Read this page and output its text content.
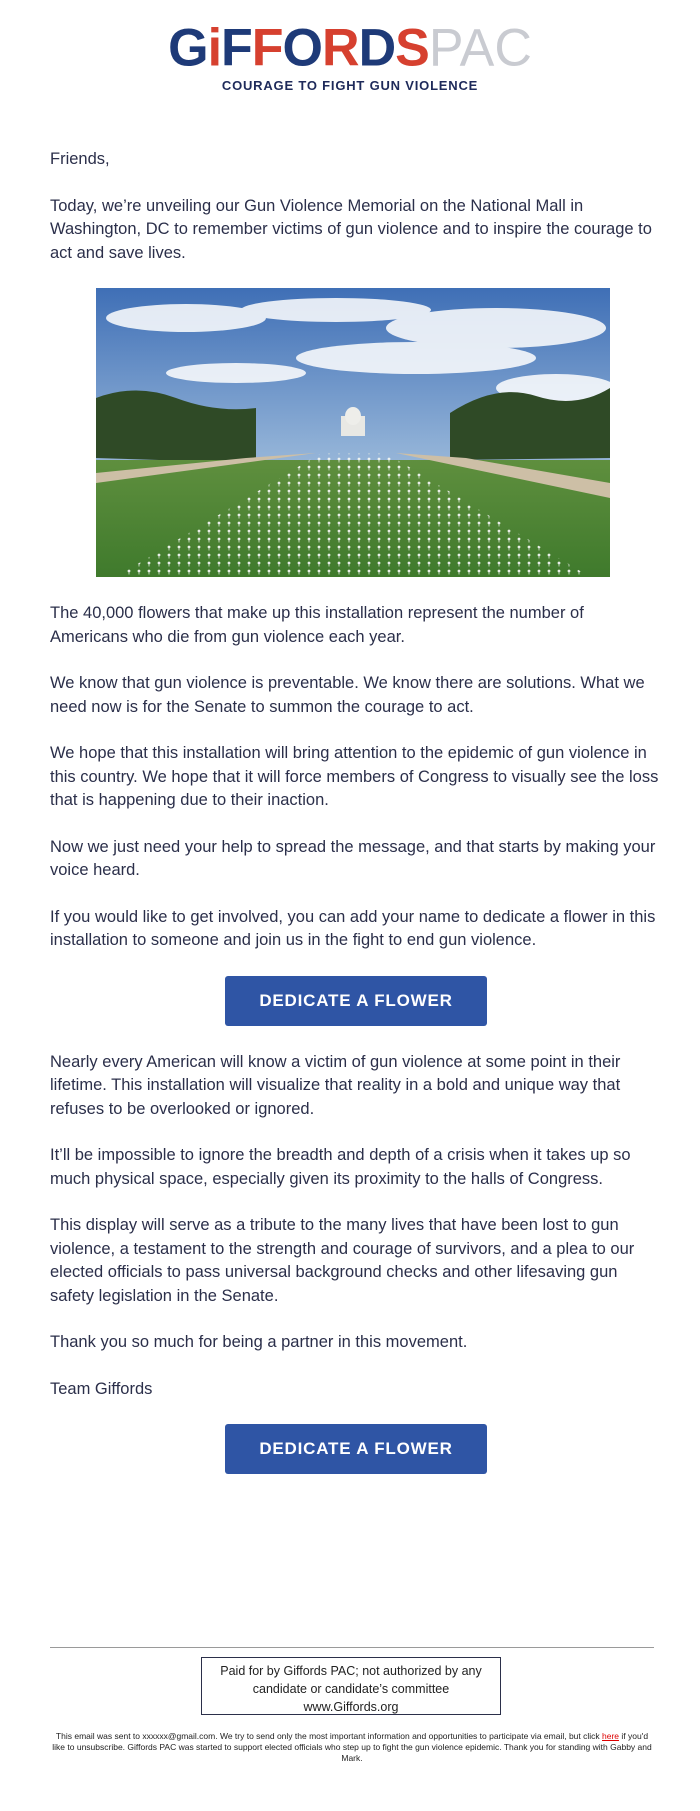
GiFFORDSPAC
COURAGE TO FIGHT GUN VIOLENCE

Friends,

Today, we’re unveiling our Gun Violence Memorial on the National Mall in Washington, DC to remember victims of gun violence and to inspire the courage to act and save lives.

The 40,000 flowers that make up this installation represent the number of Americans who die from gun violence each year.

We know that gun violence is preventable. We know there are solutions. What we need now is for the Senate to summon the courage to act.

We hope that this installation will bring attention to the epidemic of gun violence in this country. We hope that it will force members of Congress to visually see the loss that is happening due to their inaction.

Now we just need your help to spread the message, and that starts by making your voice heard.

If you would like to get involved, you can add your name to dedicate a flower in this installation to someone and join us in the fight to end gun violence.

DEDICATE A FLOWER

Nearly every American will know a victim of gun violence at some point in their lifetime. This installation will visualize that reality in a bold and unique way that refuses to be overlooked or ignored.

It’ll be impossible to ignore the breadth and depth of a crisis when it takes up so much physical space, especially given its proximity to the halls of Congress.

This display will serve as a tribute to the many lives that have been lost to gun violence, a testament to the strength and courage of survivors, and a plea to our elected officials to pass universal background checks and other lifesaving gun safety legislation in the Senate.

Thank you so much for being a partner in this movement.

Team Giffords

DEDICATE A FLOWER
Paid for by Giffords PAC; not authorized by any
candidate or candidate’s committee
www.Giffords.org
This email was sent to xxxxxx@gmail.com. We try to send only the most important information and opportunities to participate via email, but click here if you'd like to unsubscribe. Giffords PAC was started to support elected officials who step up to fight the gun violence epidemic. Thank you for standing with Gabby and Mark.
